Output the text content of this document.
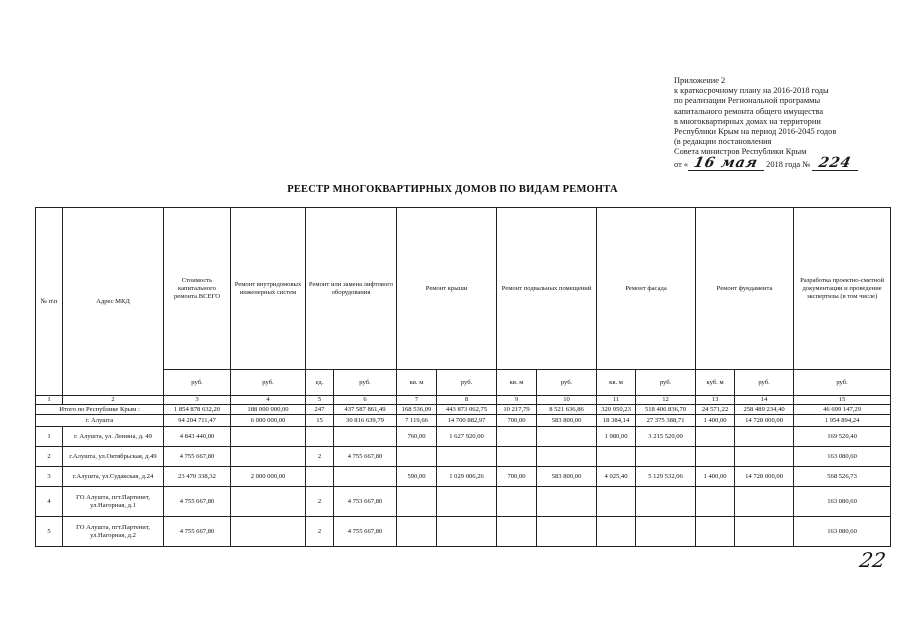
Приложение 2
к краткосрочному плану на 2016-2018 годы
по реализации Региональной программы
капитального ремонта общего имущества
в многоквартирных домах на территории
Республики Крым на период 2016-2045 годов
(в редакции постановления
Совета министров Республики Крым
от « 16 мая 2018 года № 224
РЕЕСТР МНОГОКВАРТИРНЫХ ДОМОВ ПО ВИДАМ РЕМОНТА
№ п\п	Адрес МКД	Стоимость капитального ремонта ВСЕГО	Ремонт внутридомовых инженерных систем	Ремонт или замена лифтового оборудования		Ремонт крыши		Ремонт подвальных помещений		Ремонт фасада		Ремонт фундамента		Разработка проектно-сметной документации и проведение экспертизы (в том числе)
		руб.	руб.	ед.	руб.	кв. м	руб.	кв. м	руб.	кв. м	руб.	куб. м	руб.	руб.
1	2	3	4	5	6	7	8	9	10	11	12	13	14	15
Итого по Республике Крым :		1 854 878 632,20	188 000 000,00	247	437 587 861,49	168 536,09	443 873 062,75	10 217,79	8 521 636,86	320 950,23	518 406 836,70	24 571,22	258 489 234,40	46 699 147,29
г. Алушта		94 204 711,47	6 000 000,00	15	30 816 639,79	7 119,66	14 700 882,97	700,00	583 800,00	18 384,14	27 375 388,71	1 400,00	14 728 000,00	1 954 894,24
1	г. Алушта, ул. Ленина, д. 49	4 843 440,00				760,00	1 627 920,00			1 980,00	3 215 520,00			169 520,40
2	г.Алушта, ул.Октябрьская, д.49	4 755 667,80		2	4 755 667,80									163 080,60
3	г.Алушта, ул.Судакская, д.24	23 470 338,32	2 000 000,00			590,00	1 029 006,26	700,00	583 800,00	4 025,40	5 129 532,06	1 400,00	14 728 000,00	568 526,73
4	ГО Алушта, пгт.Партенит, ул.Нагорная, д.1	4 755 667,80		2	4 753 667,80									163 080,60
5	ГО Алушта, пгт.Партенит, ул.Нагорная, д.2	4 755 667,80		2	4 755 667,80									163 080,60
22
